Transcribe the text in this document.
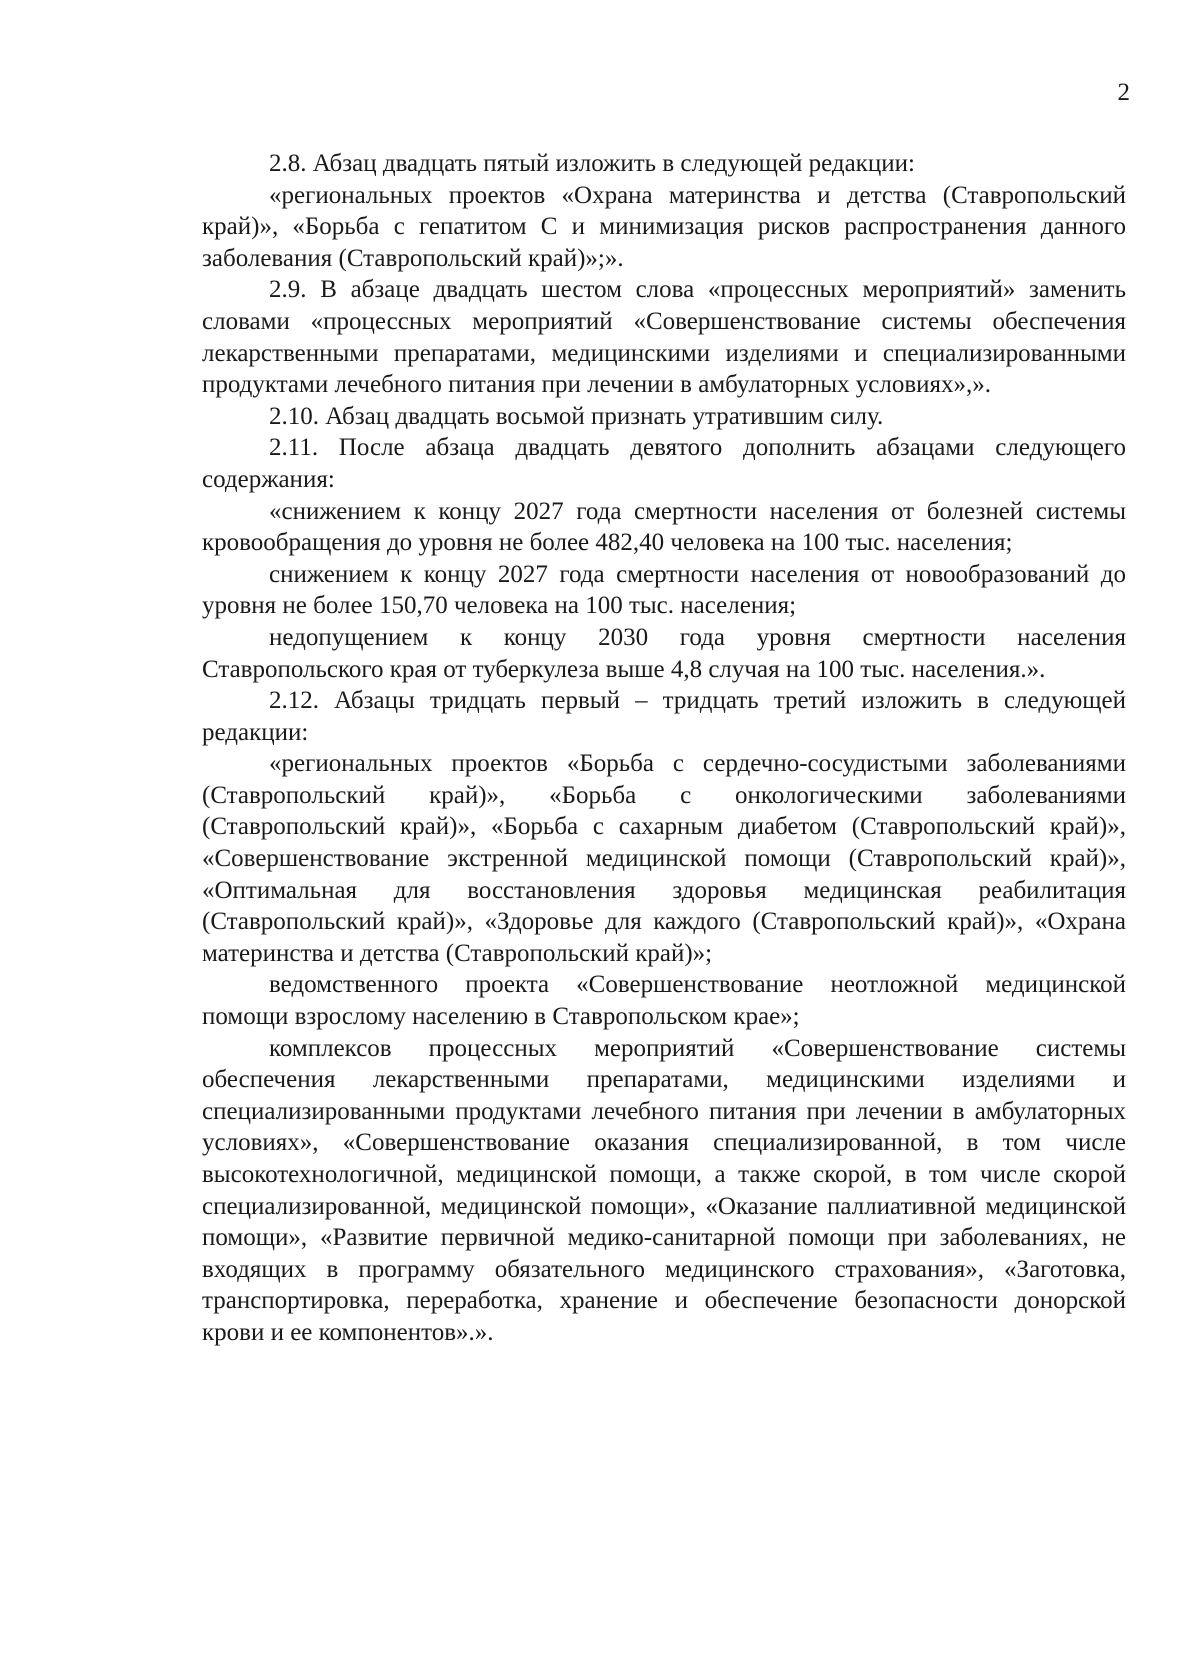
2

2.8. Абзац двадцать пятый изложить в следующей редакции:

«региональных проектов «Охрана материнства и детства (Ставропольский край)», «Борьба с гепатитом С и минимизация рисков распространения данного заболевания (Ставропольский край)»;».

2.9. В абзаце двадцать шестом слова «процессных мероприятий» заменить словами «процессных мероприятий «Совершенствование системы обеспечения лекарственными препаратами, медицинскими изделиями и специализированными продуктами лечебного питания при лечении в амбулаторных условиях»,».

2.10. Абзац двадцать восьмой признать утратившим силу.

2.11. После абзаца двадцать девятого дополнить абзацами следующего содержания:

«снижением к концу 2027 года смертности населения от болезней системы кровообращения до уровня не более 482,40 человека на 100 тыс. населения;

снижением к концу 2027 года смертности населения от новообразований до уровня не более 150,70 человека на 100 тыс. населения;

недопущением к концу 2030 года уровня смертности населения Ставропольского края от туберкулеза выше 4,8 случая на 100 тыс. населения.».

2.12. Абзацы тридцать первый – тридцать третий изложить в следующей редакции:

«региональных проектов «Борьба с сердечно-сосудистыми заболеваниями (Ставропольский край)», «Борьба с онкологическими заболеваниями (Ставропольский край)», «Борьба с сахарным диабетом (Ставропольский край)», «Совершенствование экстренной медицинской помощи (Ставропольский край)», «Оптимальная для восстановления здоровья медицинская реабилитация (Ставропольский край)», «Здоровье для каждого (Ставропольский край)», «Охрана материнства и детства (Ставропольский край)»;

ведомственного проекта «Совершенствование неотложной медицинской помощи взрослому населению в Ставропольском крае»;

комплексов процессных мероприятий «Совершенствование системы обеспечения лекарственными препаратами, медицинскими изделиями и специализированными продуктами лечебного питания при лечении в амбулаторных условиях», «Совершенствование оказания специализированной, в том числе высокотехнологичной, медицинской помощи, а также скорой, в том числе скорой специализированной, медицинской помощи», «Оказание паллиативной медицинской помощи», «Развитие первичной медико-санитарной помощи при заболеваниях, не входящих в программу обязательного медицинского страхования», «Заготовка, транспортировка, переработка, хранение и обеспечение безопасности донорской крови и ее компонентов».».
